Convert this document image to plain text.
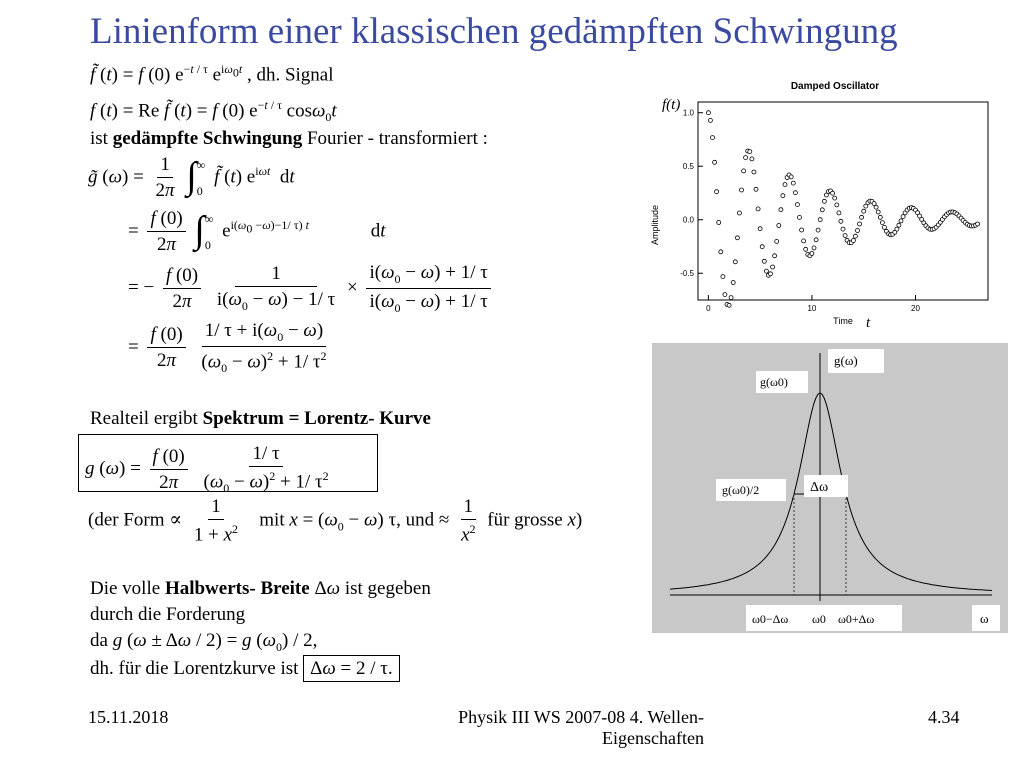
Linienform einer klassischen gedämpften Schwingung
f̃ (t) = f (0) $e^{-t / \tau}$ $e^{i\omega_0t}$ , dh. Signal
f (t) = Re f̃ (t) = f (0) $e^{-t / \tau}$ cosω$_0$t
ist gedämpfte Schwingung Fourier - transformiert :
g̃ $(\omega) = \frac{1}{2\pi}$ ∫ ∞
0
f̃ (t) $e^{i\omega t}$  dt
= $\frac{f (0)}{2\pi}$ ∫ ∞
0
$e^{i(\omega_0 -\omega)-1/ \tau) t}$             dt
= − $\frac{f (0)}{2\pi}$
$\frac{1}{i(\omega_0 - \omega) - 1/ \tau} \times \frac{i(\omega_0 - \omega) + 1/ \tau}{i(\omega_0 - \omega) + 1/ \tau}$
= $\frac{f (0)}{2\pi}$
$\frac{1/ \tau + i(\omega_0 - \omega)}{(\omega_0 - \omega)^2 + 1/ \tau^2}$
Realteil ergibt Spektrum = Lorentz- Kurve
g $(\omega) = \frac{f (0)}{2\pi}$
$\frac{1/ \tau}{(\omega_0 - \omega)^2 + 1/ \tau^2}$
(der Form ∝ $\frac{1}{1 + x^2}$ mit $x = (\omega_0 - \omega)$ τ, und ≈ $\frac{1}{x^2}$ für grosse x)
Die volle Halbwerts- Breite Δω ist gegeben
durch die Forderung
da g (ω ± Δω / 2) = g $(\omega_0) / 2$,
dh. für die Lorentzkurve ist Δω = 2 / τ.
Damped Oscillator
f(t)
1.0
0.5
0.0
-0.5
0	10	20
Amplitude
Time t
g(ω)
g(ω0)
g(ω0)/2	Δω
ω0−Δω ω0 ω0+Δω	ω
15.11.2018	Physik III WS 2007-08 4. Wellen-
Eigenschaften
4.34
